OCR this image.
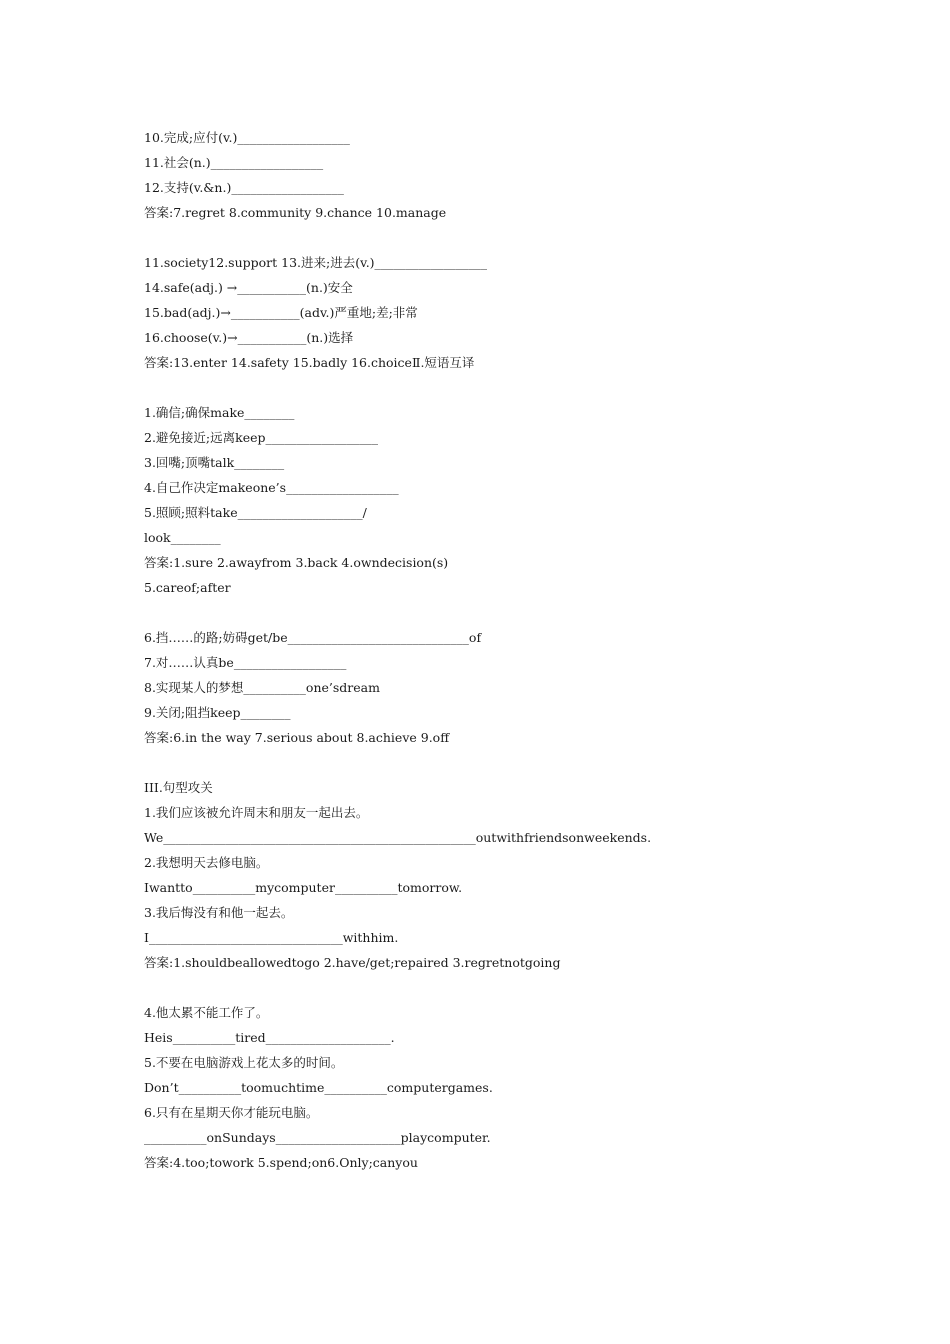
10.完成;应付(v.)__________________
11.社会(n.)__________________
12.支持(v.&n.)__________________
答案:7.regret 8.community 9.chance 10.manage
11.society12.support 13.进来;进去(v.)__________________
14.safe(adj.) →___________(n.)安全
15.bad(adj.)→___________(adv.)严重地;差;非常
16.choose(v.)→___________(n.)选择
答案:13.enter 14.safety 15.badly 16.choiceⅡ.短语互译
1.确信;确保make________
2.避免接近;远离keep__________________
3.回嘴;顶嘴talk________
4.自己作决定makeone’s__________________
5.照顾;照料take____________________/
look________
答案:1.sure 2.awayfrom 3.back 4.owndecision(s)
5.careof;after
6.挡……的路;妨碍get/be_____________________________of
7.对……认真be__________________
8.实现某人的梦想__________one’sdream
9.关闭;阻挡keep________
答案:6.in the way 7.serious about 8.achieve 9.off
III.句型攻关
1.我们应该被允许周末和朋友一起出去。
We__________________________________________________outwithfriendsonweekends.
2.我想明天去修电脑。
Iwantto__________mycomputer__________tomorrow.
3.我后悔没有和他一起去。
I_______________________________withhim.
答案:1.shouldbeallowedtogo 2.have/get;repaired 3.regretnotgoing
4.他太累不能工作了。
Heis__________tired____________________.
5.不要在电脑游戏上花太多的时间。
Don’t__________toomuchtime__________computergames.
6.只有在星期天你才能玩电脑。
__________onSundays____________________playcomputer.
答案:4.too;towork 5.spend;on6.Only;canyou
